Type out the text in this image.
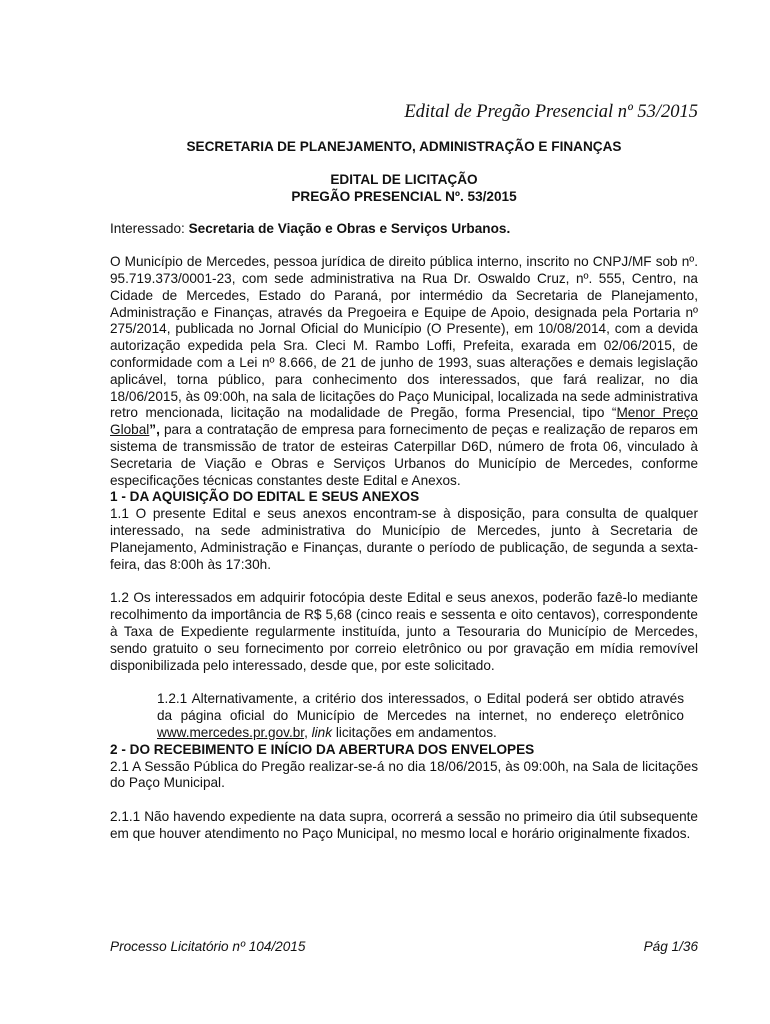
Edital de Pregão Presencial nº 53/2015

SECRETARIA DE PLANEJAMENTO, ADMINISTRAÇÃO E FINANÇAS

EDITAL DE LICITAÇÃO

PREGÃO PRESENCIAL Nº. 53/2015

Interessado: Secretaria de Viação e Obras e Serviços Urbanos.

O Município de Mercedes, pessoa jurídica de direito pública interno, inscrito no CNPJ/MF sob nº. 95.719.373/0001-23, com sede administrativa na Rua Dr. Oswaldo Cruz, nº. 555, Centro, na Cidade de Mercedes, Estado do Paraná, por intermédio da Secretaria de Planejamento, Administração e Finanças, através da Pregoeira e Equipe de Apoio, designada pela Portaria nº 275/2014, publicada no Jornal Oficial do Município (O Presente), em 10/08/2014, com a devida autorização expedida pela Sra. Cleci M. Rambo Loffi, Prefeita, exarada em 02/06/2015, de conformidade com a Lei nº 8.666, de 21 de junho de 1993, suas alterações e demais legislação aplicável, torna público, para conhecimento dos interessados, que fará realizar, no dia 18/06/2015, às 09:00h, na sala de licitações do Paço Municipal, localizada na sede administrativa retro mencionada, licitação na modalidade de Pregão, forma Presencial, tipo “Menor Preço Global”, para a contratação de empresa para fornecimento de peças e realização de reparos em sistema de transmissão de trator de esteiras Caterpillar D6D, número de frota 06, vinculado à Secretaria de Viação e Obras e Serviços Urbanos do Município de Mercedes, conforme especificações técnicas constantes deste Edital e Anexos.

1 - DA AQUISIÇÃO DO EDITAL E SEUS ANEXOS

1.1 O presente Edital e seus anexos encontram-se à disposição, para consulta de qualquer interessado, na sede administrativa do Município de Mercedes, junto à Secretaria de Planejamento, Administração e Finanças, durante o período de publicação, de segunda a sexta-feira, das 8:00h às 17:30h.

1.2 Os interessados em adquirir fotocópia deste Edital e seus anexos, poderão fazê-lo mediante recolhimento da importância de R$ 5,68 (cinco reais e sessenta e oito centavos), correspondente à Taxa de Expediente regularmente instituída, junto a Tesouraria do Município de Mercedes, sendo gratuito o seu fornecimento por correio eletrônico ou por gravação em mídia removível disponibilizada pelo interessado, desde que, por este solicitado.

1.2.1 Alternativamente, a critério dos interessados, o Edital poderá ser obtido através da página oficial do Município de Mercedes na internet, no endereço eletrônico www.mercedes.pr.gov.br, link licitações em andamentos.

2 - DO RECEBIMENTO E INÍCIO DA ABERTURA DOS ENVELOPES

2.1 A Sessão Pública do Pregão realizar-se-á no dia 18/06/2015, às 09:00h, na Sala de licitações do Paço Municipal.

2.1.1 Não havendo expediente na data supra, ocorrerá a sessão no primeiro dia útil subsequente em que houver atendimento no Paço Municipal, no mesmo local e horário originalmente fixados.

Processo Licitatório nº 104/2015	Pág 1/36
